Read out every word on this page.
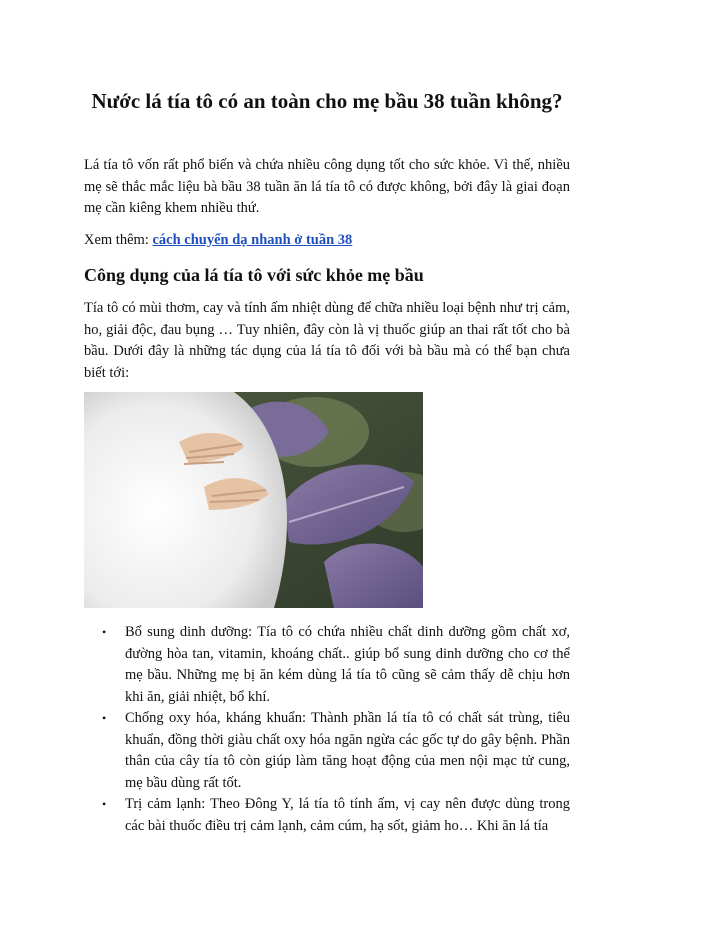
Nước lá tía tô có an toàn cho mẹ bầu 38 tuần không?

Lá tía tô vốn rất phổ biến và chứa nhiều công dụng tốt cho sức khỏe. Vì thế, nhiều mẹ sẽ thắc mắc liệu bà bầu 38 tuần ăn lá tía tô có được không, bởi đây là giai đoạn mẹ cần kiêng khem nhiều thứ.

Xem thêm: cách chuyển dạ nhanh ở tuần 38

Công dụng của lá tía tô với sức khỏe mẹ bầu

Tía tô có mùi thơm, cay và tính ấm nhiệt dùng để chữa nhiều loại bệnh như trị cảm, ho, giải độc, đau bụng … Tuy nhiên, đây còn là vị thuốc giúp an thai rất tốt cho bà bầu. Dưới đây là những tác dụng của lá tía tô đối với bà bầu mà có thể bạn chưa biết tới:

• Bổ sung dinh dưỡng: Tía tô có chứa nhiều chất dinh dưỡng gồm chất xơ, đường hòa tan, vitamin, khoáng chất.. giúp bổ sung dinh dưỡng cho cơ thể mẹ bầu. Những mẹ bị ăn kém dùng lá tía tô cũng sẽ cảm thấy dễ chịu hơn khi ăn, giải nhiệt, bổ khí.
• Chống oxy hóa, kháng khuẩn: Thành phần lá tía tô có chất sát trùng, tiêu khuẩn, đồng thời giàu chất oxy hóa ngăn ngừa các gốc tự do gây bệnh. Phần thân của cây tía tô còn giúp làm tăng hoạt động của men nội mạc tử cung, mẹ bầu dùng rất tốt.
• Trị cảm lạnh: Theo Đông Y, lá tía tô tính ấm, vị cay nên được dùng trong các bài thuốc điều trị cảm lạnh, cảm cúm, hạ sốt, giảm ho… Khi ăn lá tía
